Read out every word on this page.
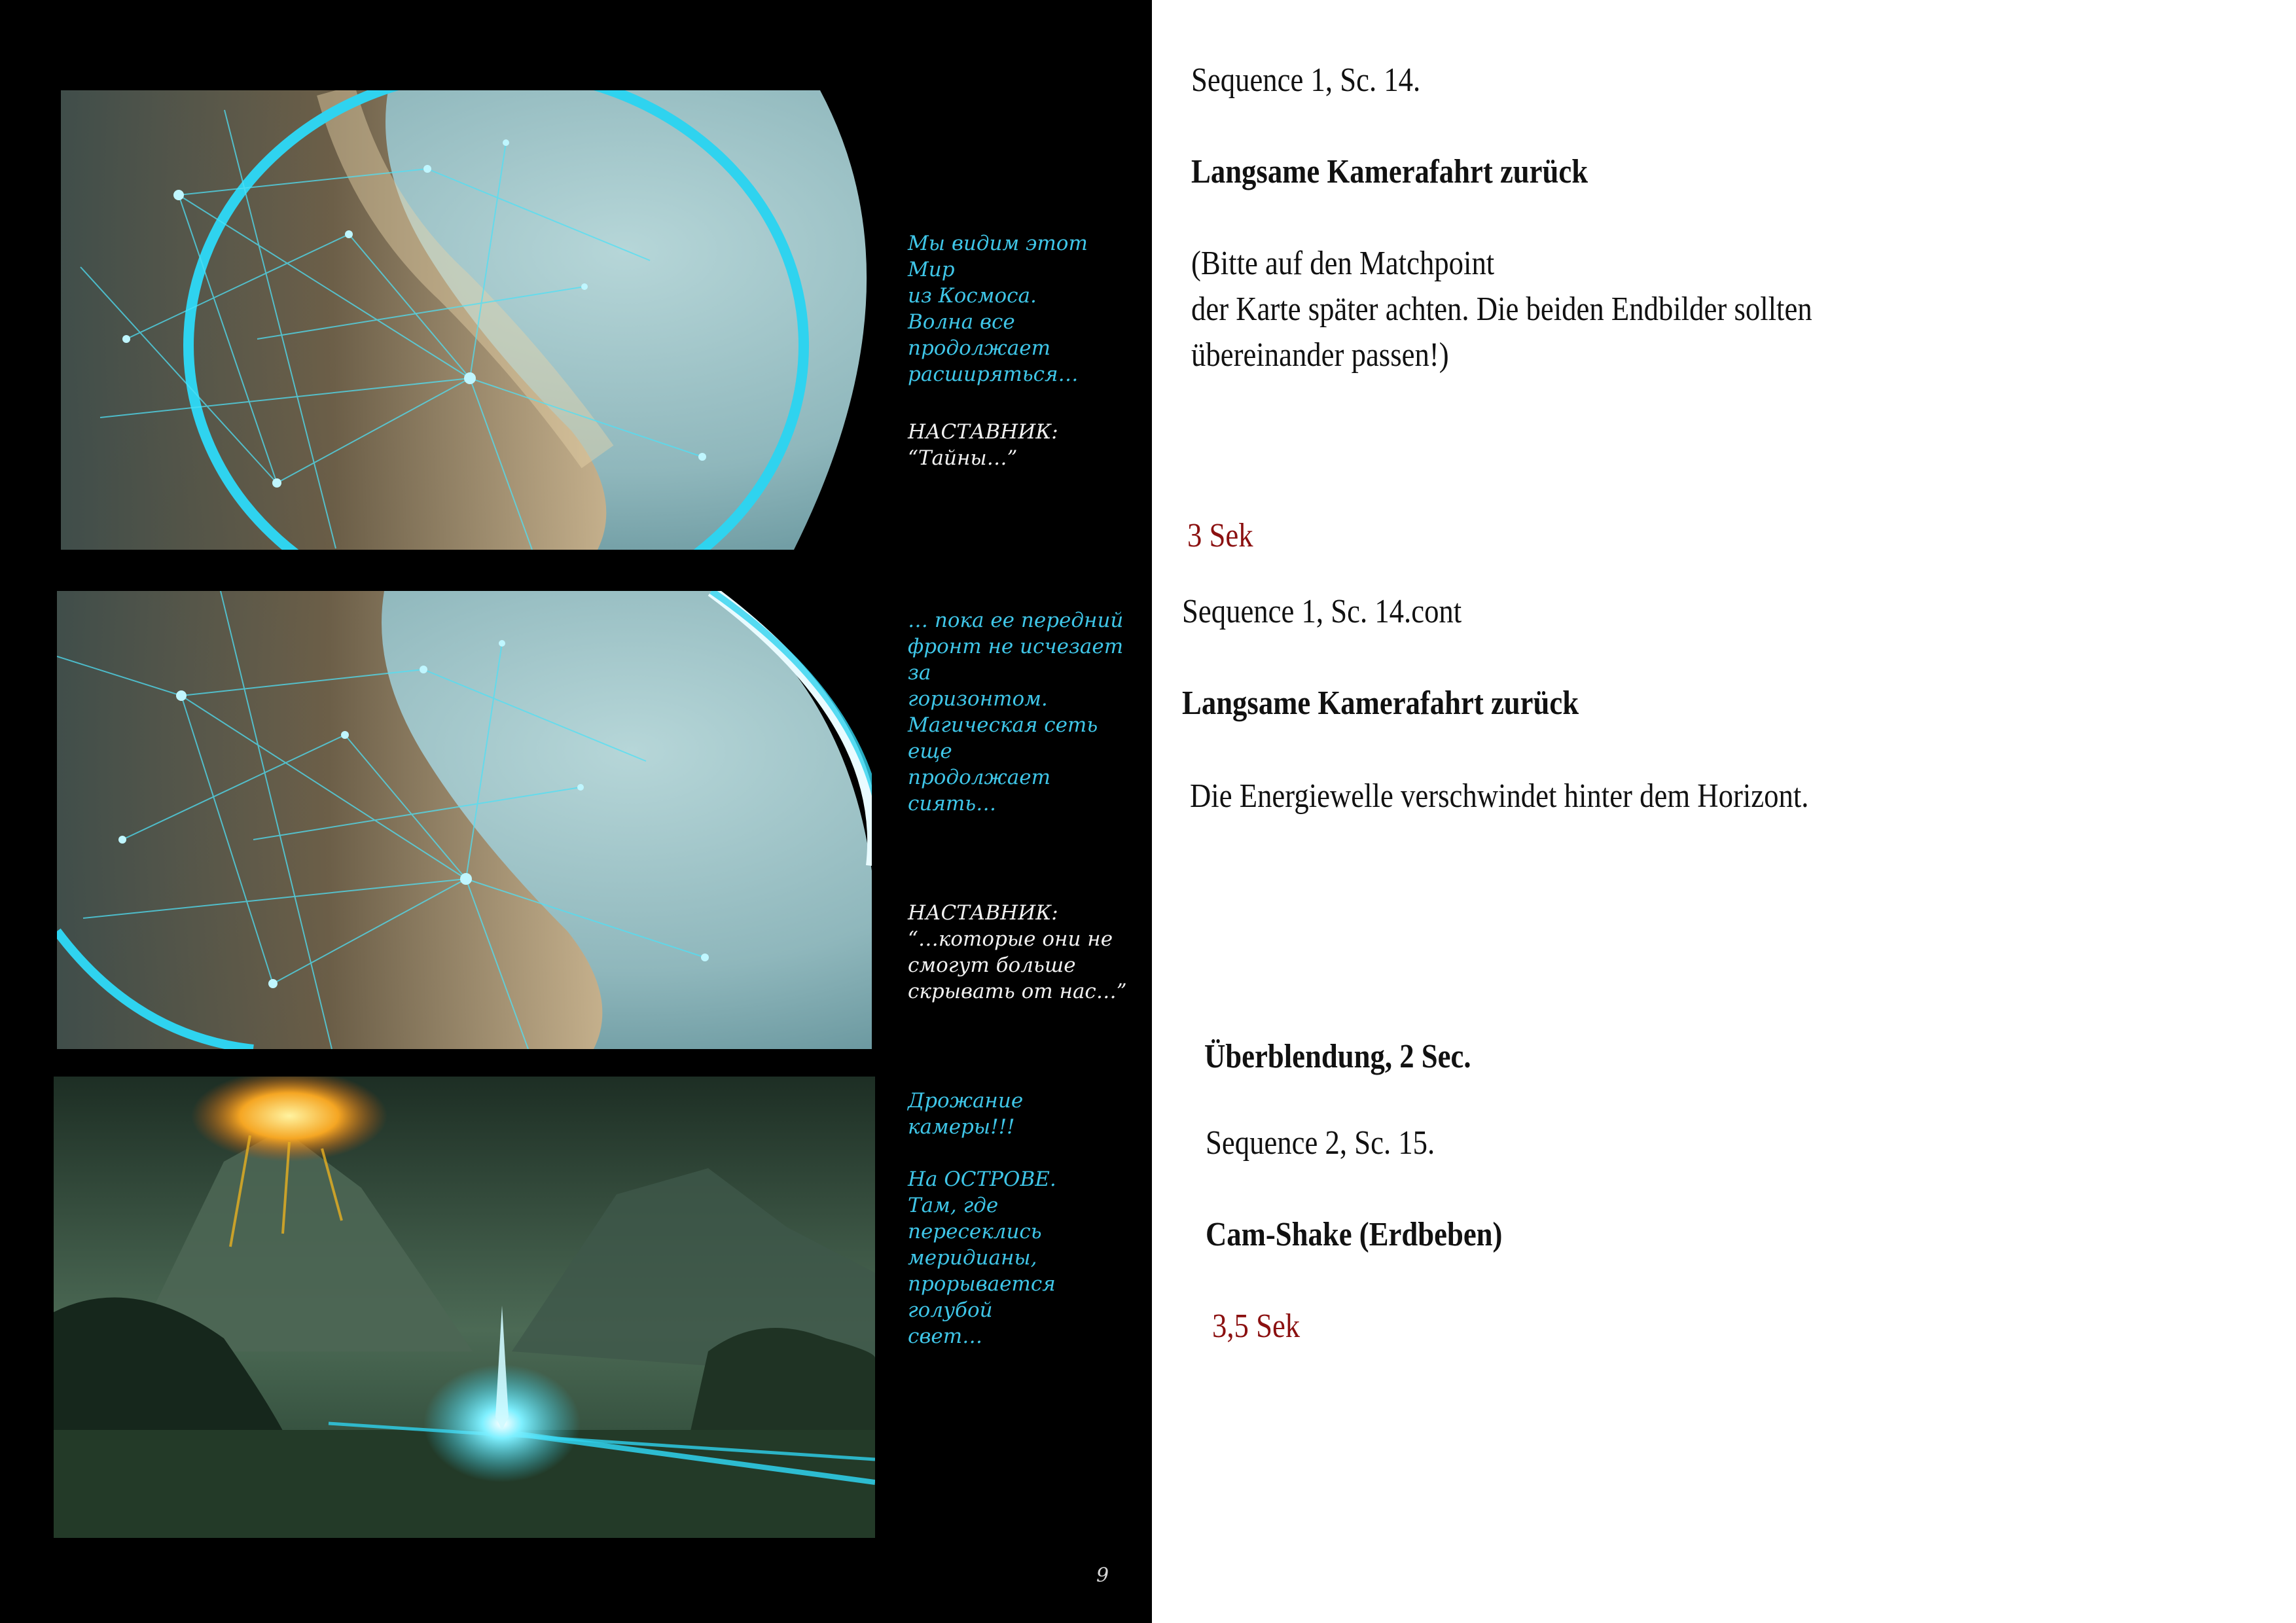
Мы видим этот Мир
из Космоса.
Волна все продолжает
расширяться…
НАСТАВНИК:
“Тайны…”
… пока ее передний
фронт не исчезает за
горизонтом.
Магическая сеть еще
продолжает сиять…
НАСТАВНИК:
“…которые они не
смогут больше
скрывать от нас…”
Дрожание камеры!!!

На ОСТРОВЕ.
Там, где пересеклись
меридианы,
прорывается голубой
свет…
9
Sequence 1, Sc. 14.
Langsame Kamerafahrt zurück
(Bitte auf den Matchpoint
der Karte später achten. Die beiden Endbilder sollten
übereinander passen!)
3 Sek
Sequence 1, Sc. 14.cont
Langsame Kamerafahrt zurück
Die Energiewelle verschwindet hinter dem Horizont.
Überblendung, 2 Sec.
Sequence 2, Sc. 15.
Cam-Shake (Erdbeben)
3,5 Sek
